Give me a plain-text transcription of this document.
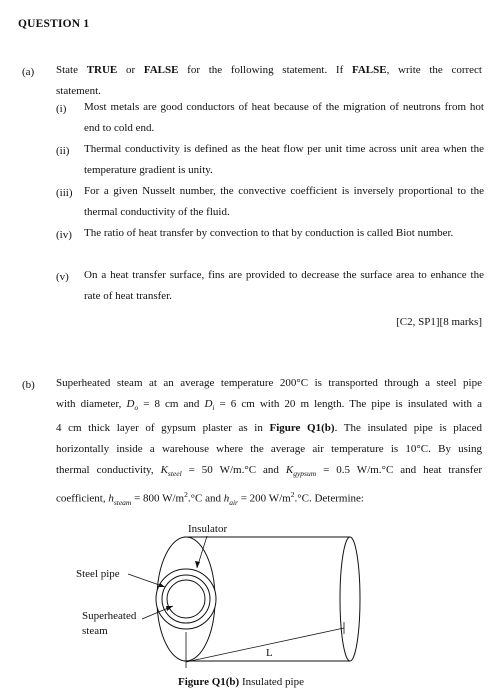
QUESTION 1
(a) State TRUE or FALSE for the following statement. If FALSE, write the correct
statement.
(i) Most metals are good conductors of heat because of the migration of neutrons from hot end to cold end.
(ii) Thermal conductivity is defined as the heat flow per unit time across unit area when the temperature gradient is unity.
(iii) For a given Nusselt number, the convective coefficient is inversely proportional to the thermal conductivity of the fluid.
(iv) The ratio of heat transfer by convection to that by conduction is called Biot number.
(v) On a heat transfer surface, fins are provided to decrease the surface area to enhance the rate of heat transfer.
[C2, SP1][8 marks]
(b) Superheated steam at an average temperature 200°C is transported through a steel pipe
with diameter, $D_o = 8$ cm and $D_i = 6$ cm with 20 m length. The pipe is insulated with a
4 cm thick layer of gypsum plaster as in Figure Q1(b). The insulated pipe is placed
horizontally inside a warehouse where the average air temperature is 10°C. By using
thermal conductivity, $K_{steel} = 50$ W/m.°C and $K_{gypsum} = 0.5$ W/m.°C and heat transfer
coefficient, $h_{steam} = 800$ $W/m^2.^\circ C$ and $h_{air} = 200$ $W/m^2.^\circ C$. Determine:
Insulator
Steel pipe
Superheated
steam
L
Figure Q1(b) Insulated pipe
